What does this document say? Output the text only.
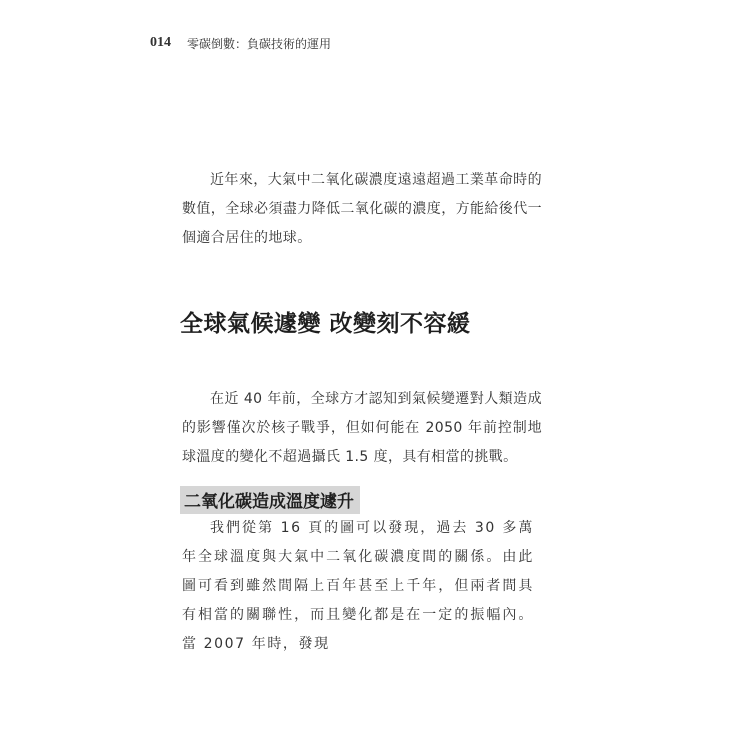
014 零碳倒數：負碳技術的運用

近年來，大氣中二氧化碳濃度遠遠超過工業革命時的數值，全球必須盡力降低二氧化碳的濃度，方能給後代一個適合居住的地球。

全球氣候遽變 改變刻不容緩

在近 40 年前，全球方才認知到氣候變遷對人類造成的影響僅次於核子戰爭，但如何能在 2050 年前控制地球溫度的變化不超過攝氏 1.5 度，具有相當的挑戰。

二氧化碳造成溫度遽升

我們從第 16 頁的圖可以發現，過去 30 多萬年全球溫度與大氣中二氧化碳濃度間的關係。由此圖可看到雖然間隔上百年甚至上千年，但兩者間具有相當的關聯性，而且變化都是在一定的振幅內。當 2007 年時，發現
